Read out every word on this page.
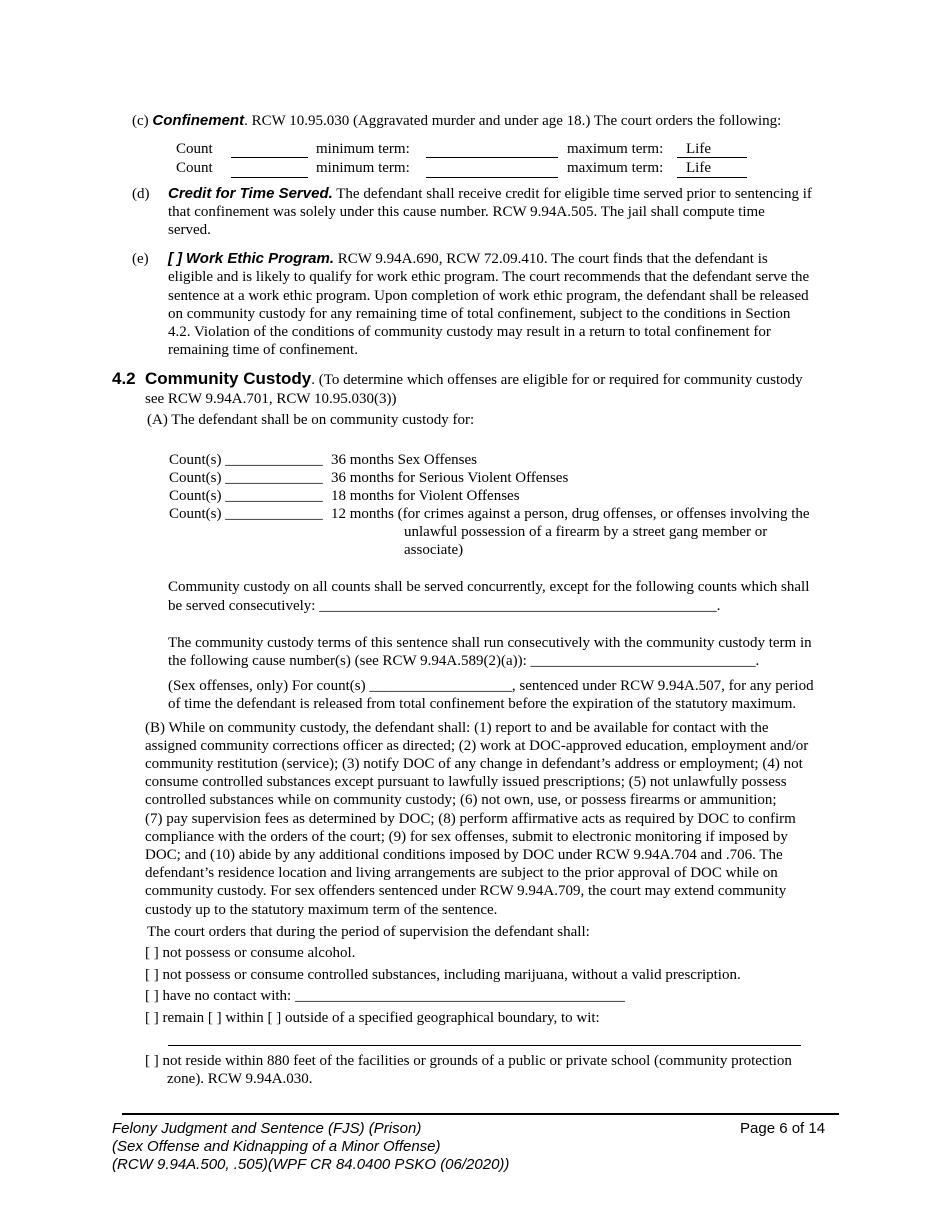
(c) Confinement. RCW 10.95.030 (Aggravated murder and under age 18.) The court orders the following:
Count	minimum term:	maximum term: Life
Count	minimum term:	maximum term: Life
(d) Credit for Time Served. The defendant shall receive credit for eligible time served prior to sentencing if
that confinement was solely under this cause number. RCW 9.94A.505. The jail shall compute time
served.
(e) [ ] Work Ethic Program. RCW 9.94A.690, RCW 72.09.410. The court finds that the defendant is
eligible and is likely to qualify for work ethic program. The court recommends that the defendant serve the
sentence at a work ethic program. Upon completion of work ethic program, the defendant shall be released
on community custody for any remaining time of total confinement, subject to the conditions in Section
4.2. Violation of the conditions of community custody may result in a return to total confinement for
remaining time of confinement.
4.2 Community Custody. (To determine which offenses are eligible for or required for community custody
see RCW 9.94A.701, RCW 10.95.030(3))
(A) The defendant shall be on community custody for:
Count(s) _____________ 36 months Sex Offenses
Count(s) _____________ 36 months for Serious Violent Offenses
Count(s) _____________ 18 months for Violent Offenses
Count(s) _____________ 12 months (for crimes against a person, drug offenses, or offenses involving the
unlawful possession of a firearm by a street gang member or
associate)
Community custody on all counts shall be served concurrently, except for the following counts which shall
be served consecutively: _____________________________________________________.
The community custody terms of this sentence shall run consecutively with the community custody term in
the following cause number(s) (see RCW 9.94A.589(2)(a)): ______________________________.
(Sex offenses, only) For count(s) ___________________, sentenced under RCW 9.94A.507, for any period
of time the defendant is released from total confinement before the expiration of the statutory maximum.
(B) While on community custody, the defendant shall: (1) report to and be available for contact with the
assigned community corrections officer as directed; (2) work at DOC-approved education, employment and/or
community restitution (service); (3) notify DOC of any change in defendant’s address or employment; (4) not
consume controlled substances except pursuant to lawfully issued prescriptions; (5) not unlawfully possess
controlled substances while on community custody; (6) not own, use, or possess firearms or ammunition;
(7) pay supervision fees as determined by DOC; (8) perform affirmative acts as required by DOC to confirm
compliance with the orders of the court; (9) for sex offenses, submit to electronic monitoring if imposed by
DOC; and (10) abide by any additional conditions imposed by DOC under RCW 9.94A.704 and .706. The
defendant’s residence location and living arrangements are subject to the prior approval of DOC while on
community custody. For sex offenders sentenced under RCW 9.94A.709, the court may extend community
custody up to the statutory maximum term of the sentence.
The court orders that during the period of supervision the defendant shall:
[ ] not possess or consume alcohol.
[ ] not possess or consume controlled substances, including marijuana, without a valid prescription.
[ ] have no contact with: ____________________________________________
[ ] remain [ ] within [ ] outside of a specified geographical boundary, to wit:
[ ] not reside within 880 feet of the facilities or grounds of a public or private school (community protection
zone). RCW 9.94A.030.
Felony Judgment and Sentence (FJS) (Prison)
(Sex Offense and Kidnapping of a Minor Offense)
(RCW 9.94A.500, .505)(WPF CR 84.0400 PSKO (06/2020))
Page 6 of 14
